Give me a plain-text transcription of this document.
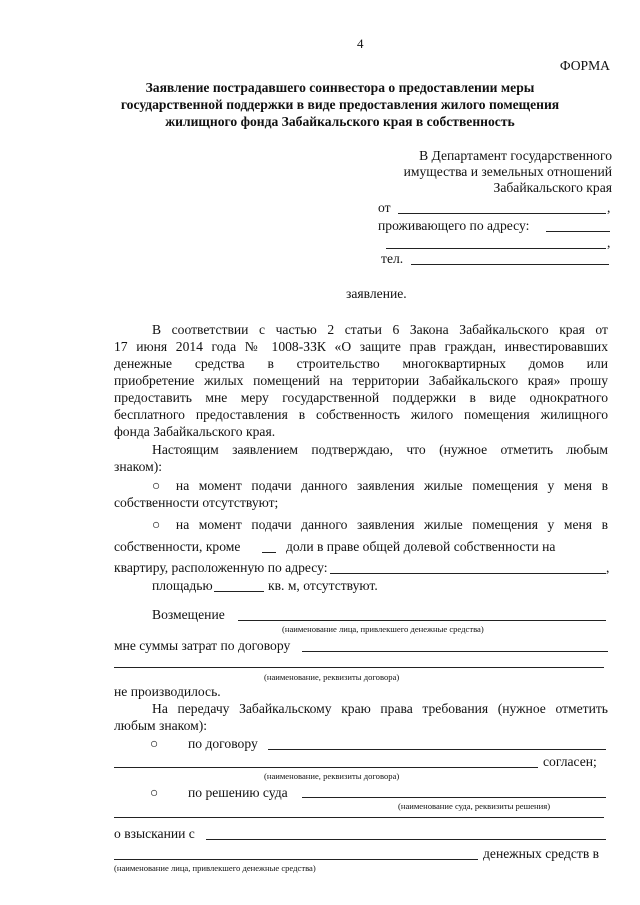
4
ФОРМА
Заявление пострадавшего соинвестора о предоставлении меры
государственной поддержки в виде предоставления жилого помещения
жилищного фонда Забайкальского края в собственность
В Департамент государственного
имущества и земельных отношений
Забайкальского края
от	,
проживающего по адресу:
,
тел.
заявление.
В соответствии с частью 2 статьи 6 Закона Забайкальского края от
17 июня 2014 года № 1008-ЗЗК «О защите прав граждан, инвестировавших
денежные средства в строительство многоквартирных домов или
приобретение жилых помещений на территории Забайкальского края» прошу
предоставить мне меру государственной поддержки в виде однократного
бесплатного предоставления в собственность жилого помещения жилищного
фонда Забайкальского края.
Настоящим заявлением подтверждаю, что (нужное отметить любым
знаком):
○ на момент подачи данного заявления жилые помещения у меня в
собственности отсутствуют;
○ на момент подачи данного заявления жилые помещения у меня в
собственности, кроме	доли в праве общей долевой собственности на
квартиру, расположенную по адресу:	,
площадью	кв. м, отсутствуют.
Возмещение
(наименование лица, привлекшего денежные средства)
мне суммы затрат по договору
(наименование, реквизиты договора)
не производилось.
На передачу Забайкальскому краю права требования (нужное отметить
любым знаком):
○ по договору
согласен;
(наименование, реквизиты договора)
○ по решению суда
(наименование суда, реквизиты решения)
о взыскании с
денежных средств в
(наименование лица, привлекшего денежные средства)
